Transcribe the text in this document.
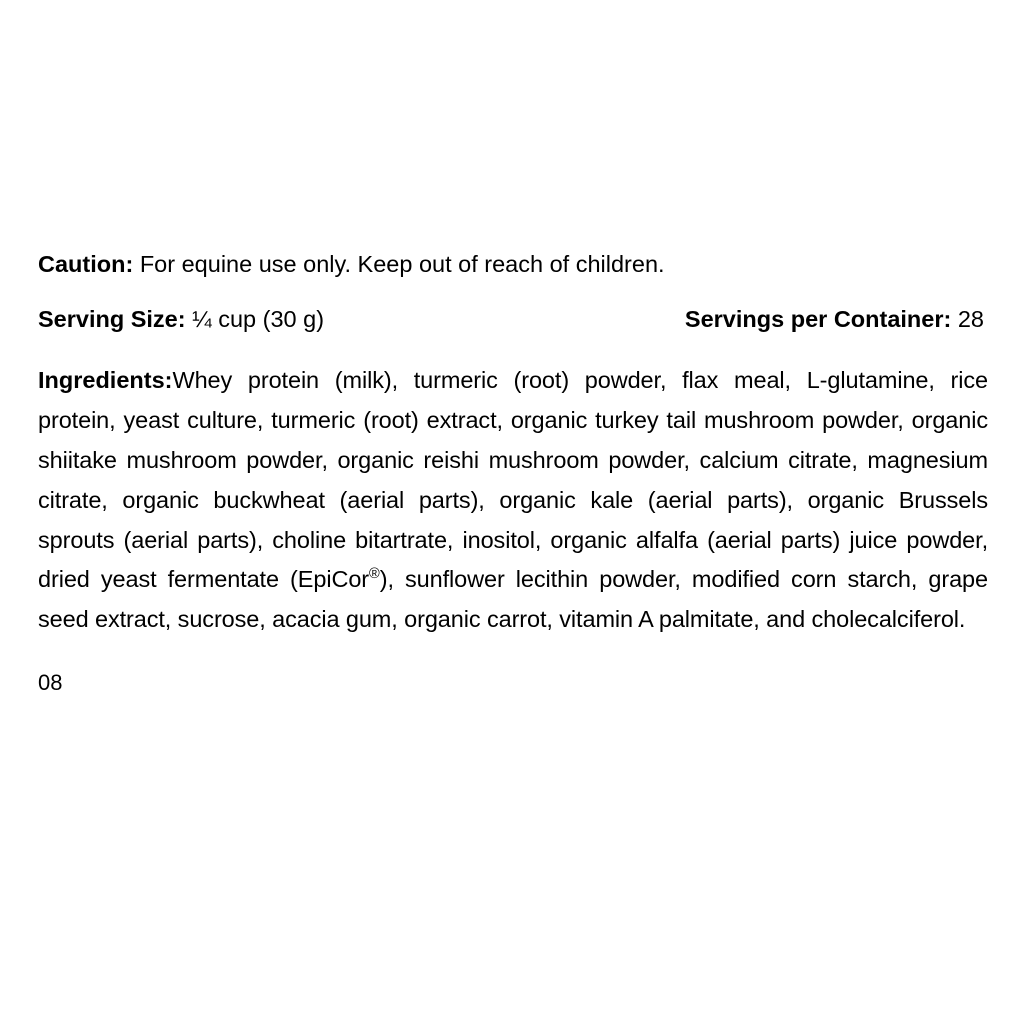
Caution: For equine use only. Keep out of reach of children.

Serving Size: ¼ cup (30 g)	Servings per Container: 28

Ingredients:Whey protein (milk), turmeric (root) powder, flax meal, L-glutamine, rice protein, yeast culture, turmeric (root) extract, organic turkey tail mushroom powder, organic shiitake mushroom powder, organic reishi mushroom powder, calcium citrate, magnesium citrate, organic buckwheat (aerial parts), organic kale (aerial parts), organic Brussels sprouts (aerial parts), choline bitartrate, inositol, organic alfalfa (aerial parts) juice powder, dried yeast fermentate (EpiCor®), sunflower lecithin powder, modified corn starch, grape seed extract, sucrose, acacia gum, organic carrot, vitamin A palmitate, and cholecalciferol.

08
